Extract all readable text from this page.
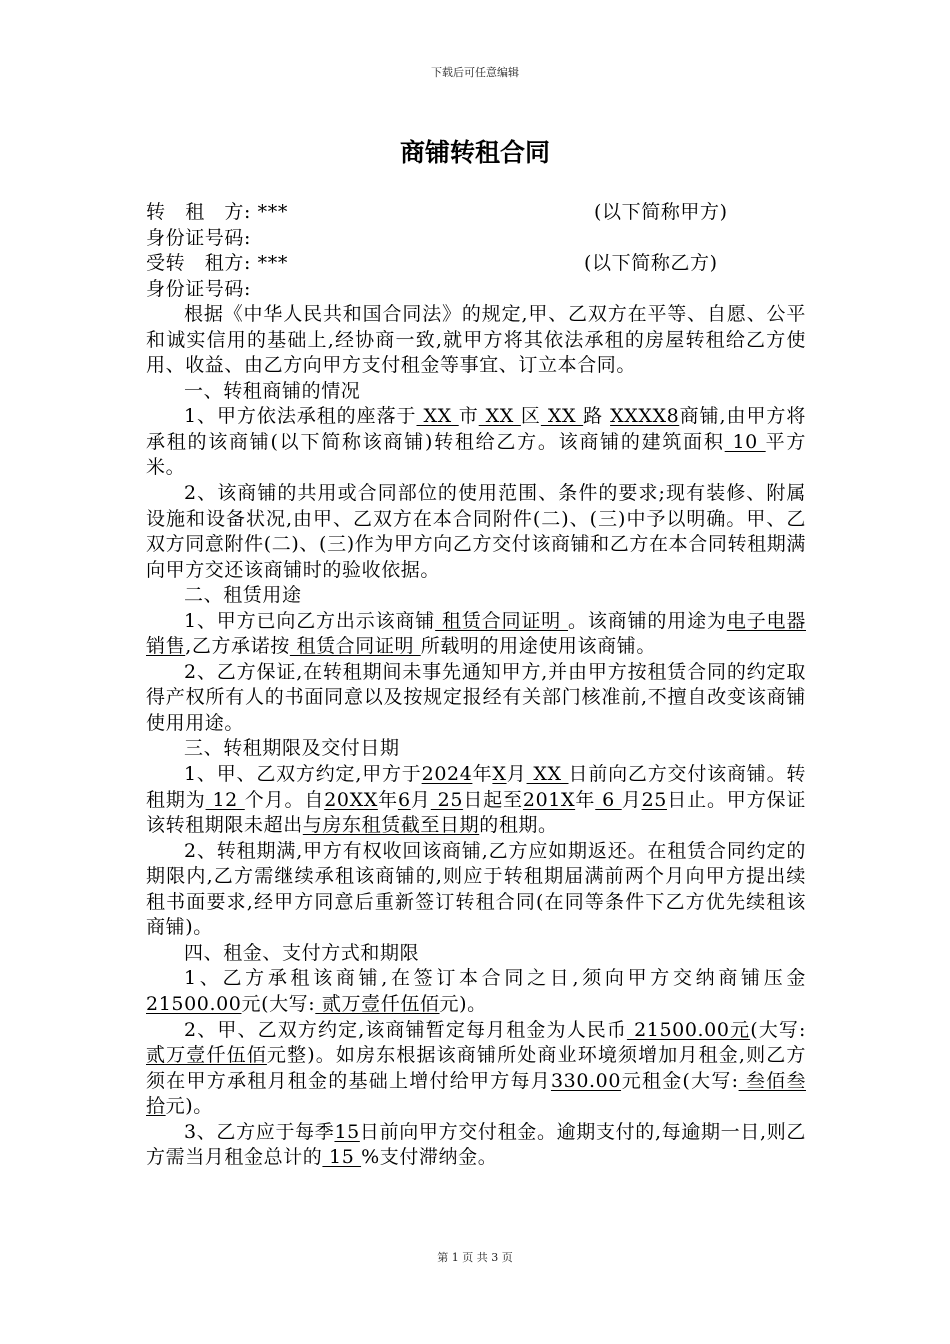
下载后可任意编辑
商铺转租合同
转　租　方: ***	(以下简称甲方)
身份证号码:
受转　租方: ***	(以下简称乙方)
身份证号码:

根据《中华人民共和国合同法》的规定,甲、乙双方在平等、自愿、公平和诚实信用的基础上,经协商一致,就甲方将其依法承租的房屋转租给乙方使用、收益、由乙方向甲方支付租金等事宜、订立本合同。

一、转租商铺的情况

1、甲方依法承租的座落于 XX 市 XX 区 XX 路 XXXX8商铺,由甲方将承租的该商铺(以下简称该商铺)转租给乙方。该商铺的建筑面积 10 平方米。

2、该商铺的共用或合同部位的使用范围、条件的要求;现有装修、附属设施和设备状况,由甲、乙双方在本合同附件(二)、(三)中予以明确。甲、乙双方同意附件(二)、(三)作为甲方向乙方交付该商铺和乙方在本合同转租期满向甲方交还该商铺时的验收依据。

二、租赁用途

1、甲方已向乙方出示该商铺 租赁合同证明 。该商铺的用途为电子电器销售,乙方承诺按 租赁合同证明 所载明的用途使用该商铺。

2、乙方保证,在转租期间未事先通知甲方,并由甲方按租赁合同的约定取得产权所有人的书面同意以及按规定报经有关部门核准前,不擅自改变该商铺使用用途。

三、转租期限及交付日期

1、甲、乙双方约定,甲方于2024年X月 XX 日前向乙方交付该商铺。转租期为 12 个月。自20XX年6月 25日起至201X年 6 月25日止。甲方保证该转租期限未超出与房东租赁截至日期的租期。

2、转租期满,甲方有权收回该商铺,乙方应如期返还。在租赁合同约定的期限内,乙方需继续承租该商铺的,则应于转租期届满前两个月向甲方提出续租书面要求,经甲方同意后重新签订转租合同(在同等条件下乙方优先续租该商铺)。

四、租金、支付方式和期限

1、乙方承租该商铺,在签订本合同之日,须向甲方交纳商铺压金21500.00元(大写: 贰万壹仟伍佰元)。

2、甲、乙双方约定,该商铺暂定每月租金为人民币 21500.00元(大写: 贰万壹仟伍佰元整)。如房东根据该商铺所处商业环境须增加月租金,则乙方须在甲方承租月租金的基础上增付给甲方每月330.00元租金(大写: 叁佰叁拾元)。

3、乙方应于每季15日前向甲方交付租金。逾期支付的,每逾期一日,则乙方需当月租金总计的 15 %支付滞纳金。

第 1 页 共 3 页
